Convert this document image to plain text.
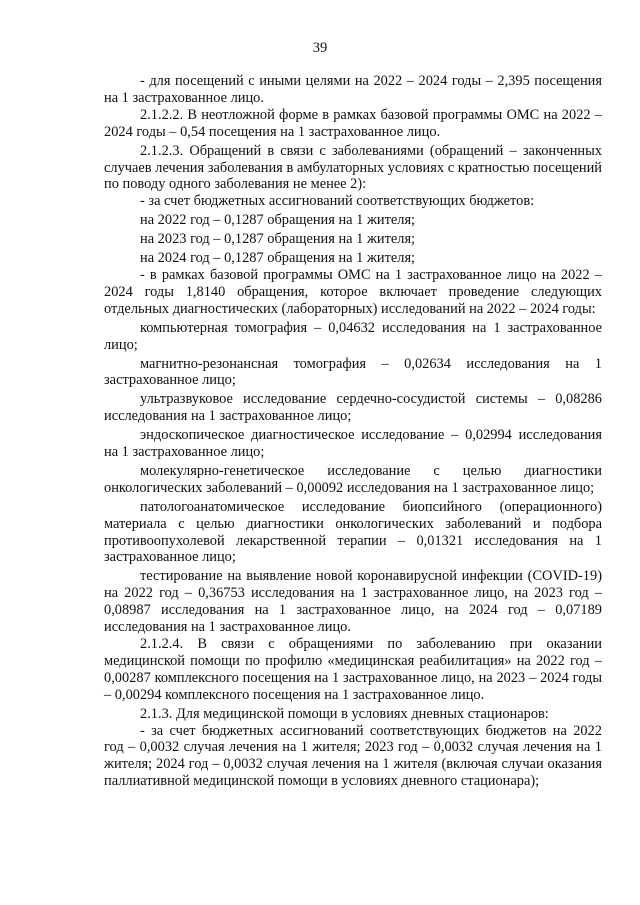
39

- для посещений с иными целями на 2022 – 2024 годы – 2,395 посещения на 1 застрахованное лицо.

2.1.2.2. В неотложной форме в рамках базовой программы ОМС на 2022 – 2024 годы – 0,54 посещения на 1 застрахованное лицо.

2.1.2.3. Обращений в связи с заболеваниями (обращений – законченных случаев лечения заболевания в амбулаторных условиях с кратностью посещений по поводу одного заболевания не менее 2):

- за счет бюджетных ассигнований соответствующих бюджетов:

на 2022 год – 0,1287 обращения на 1 жителя;

на 2023 год – 0,1287 обращения на 1 жителя;

на 2024 год – 0,1287 обращения на 1 жителя;

- в рамках базовой программы ОМС на 1 застрахованное лицо на 2022 – 2024 годы 1,8140 обращения, которое включает проведение следующих отдельных диагностических (лабораторных) исследований на 2022 – 2024 годы:

компьютерная томография – 0,04632 исследования на 1 застрахованное лицо;

магнитно-резонансная томография – 0,02634 исследования на 1 застрахованное лицо;

ультразвуковое исследование сердечно-сосудистой системы – 0,08286 исследования на 1 застрахованное лицо;

эндоскопическое диагностическое исследование – 0,02994 исследования на 1 застрахованное лицо;

молекулярно-генетическое исследование с целью диагностики онкологических заболеваний – 0,00092 исследования на 1 застрахованное лицо;

патологоанатомическое исследование биопсийного (операционного) материала с целью диагностики онкологических заболеваний и подбора противоопухолевой лекарственной терапии – 0,01321 исследования на 1 застрахованное лицо;

тестирование на выявление новой коронавирусной инфекции (COVID-19) на 2022 год – 0,36753 исследования на 1 застрахованное лицо, на 2023 год – 0,08987 исследования на 1 застрахованное лицо, на 2024 год – 0,07189 исследования на 1 застрахованное лицо.

2.1.2.4. В связи с обращениями по заболеванию при оказании медицинской помощи по профилю «медицинская реабилитация» на 2022 год – 0,00287 комплексного посещения на 1 застрахованное лицо, на 2023 – 2024 годы – 0,00294 комплексного посещения на 1 застрахованное лицо.

2.1.3. Для медицинской помощи в условиях дневных стационаров:

- за счет бюджетных ассигнований соответствующих бюджетов на 2022 год – 0,0032 случая лечения на 1 жителя; 2023 год – 0,0032 случая лечения на 1 жителя; 2024 год – 0,0032 случая лечения на 1 жителя (включая случаи оказания паллиативной медицинской помощи в условиях дневного стационара);
